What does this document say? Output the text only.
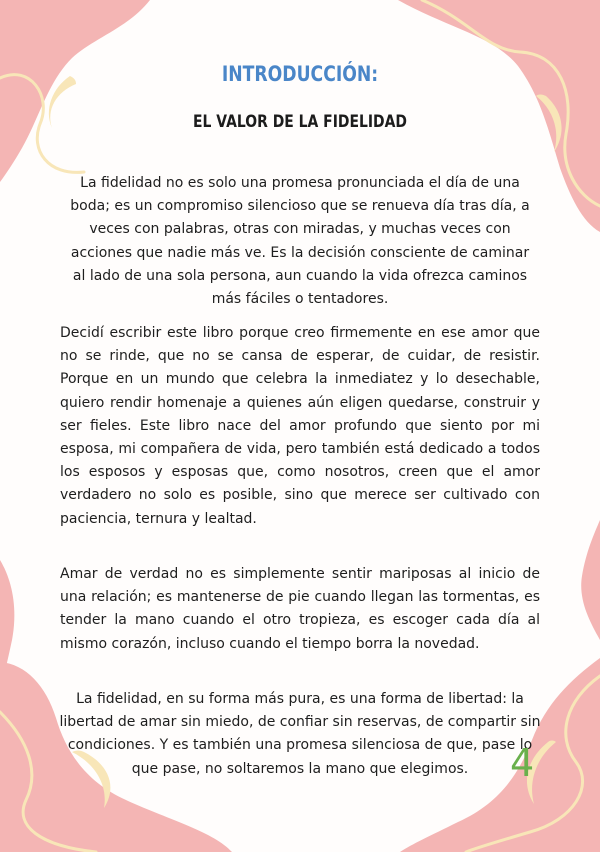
INTRODUCCIÓN:
EL VALOR DE LA FIDELIDAD

La fidelidad no es solo una promesa pronunciada el día de una boda; es un compromiso silencioso que se renueva día tras día, a veces con palabras, otras con miradas, y muchas veces con acciones que nadie más ve. Es la decisión consciente de caminar al lado de una sola persona, aun cuando la vida ofrezca caminos más fáciles o tentadores.

Decidí escribir este libro porque creo firmemente en ese amor que no se rinde, que no se cansa de esperar, de cuidar, de resistir. Porque en un mundo que celebra la inmediatez y lo desechable, quiero rendir homenaje a quienes aún eligen quedarse, construir y ser fieles. Este libro nace del amor profundo que siento por mi esposa, mi compañera de vida, pero también está dedicado a todos los esposos y esposas que, como nosotros, creen que el amor verdadero no solo es posible, sino que merece ser cultivado con paciencia, ternura y lealtad.

Amar de verdad no es simplemente sentir mariposas al inicio de una relación; es mantenerse de pie cuando llegan las tormentas, es tender la mano cuando el otro tropieza, es escoger cada día al mismo corazón, incluso cuando el tiempo borra la novedad.

La fidelidad, en su forma más pura, es una forma de libertad: la libertad de amar sin miedo, de confiar sin reservas, de compartir sin condiciones. Y es también una promesa silenciosa de que, pase lo que pase, no soltaremos la mano que elegimos.	4
